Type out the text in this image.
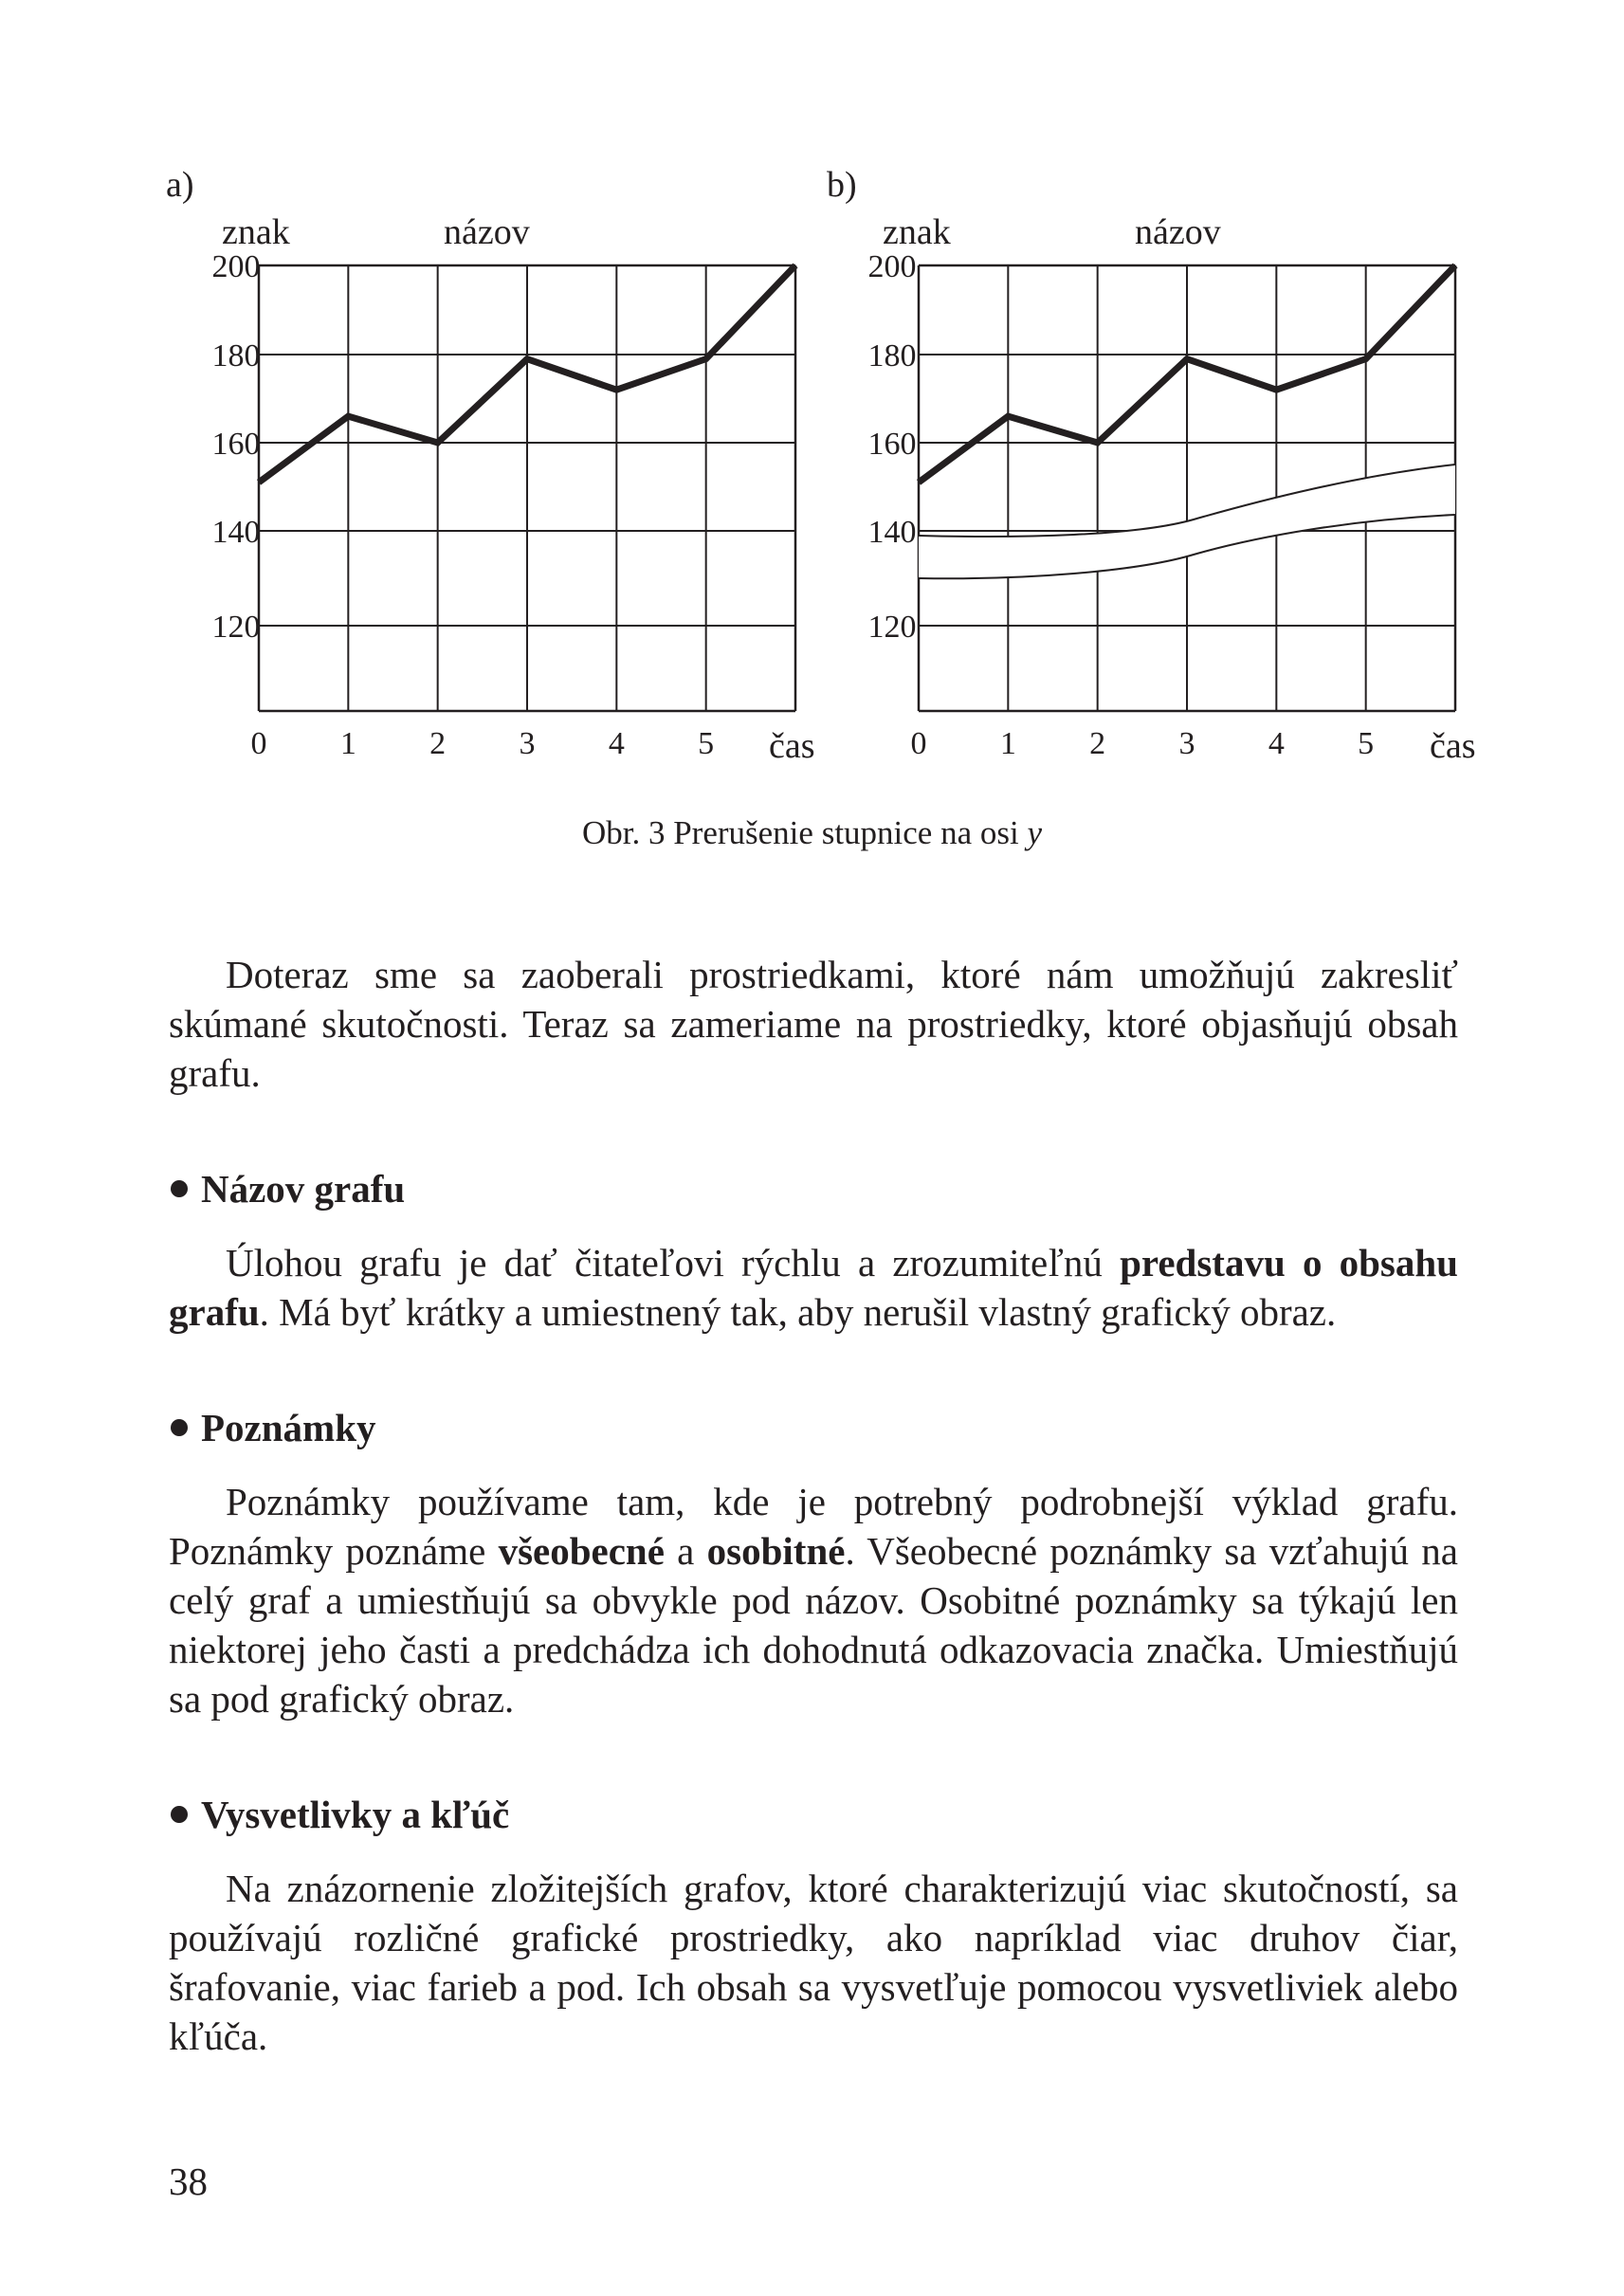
a)
znak	názov
200
180
160
140
120
0 1 2 3 4 5 čas
b)
znak	názov
200
180
160
140
120
0 1 2 3 4 5 čas
Obr. 3 Prerušenie stupnice na osi y

Doteraz sme sa zaoberali prostriedkami, ktoré nám umožňujú zakresliť skúmané skutočnosti. Teraz sa zameriame na prostriedky, ktoré objasňujú obsah grafu.

Názov grafu

Úlohou grafu je dať čitateľovi rýchlu a zrozumiteľnú predstavu o obsahu grafu. Má byť krátky a umiestnený tak, aby nerušil vlastný grafický obraz.

Poznámky

Poznámky používame tam, kde je potrebný podrobnejší výklad grafu. Poznámky poznáme všeobecné a osobitné. Všeobecné poznámky sa vzťahujú na celý graf a umiestňujú sa obvykle pod názov. Osobitné poznámky sa týkajú len niektorej jeho časti a predchádza ich dohodnutá odkazovacia značka. Umiestňujú sa pod grafický obraz.

Vysvetlivky a kľúč

Na znázornenie zložitejších grafov, ktoré charakterizujú viac skutočností, sa používajú rozličné grafické prostriedky, ako napríklad viac druhov čiar, šrafovanie, viac farieb a pod. Ich obsah sa vysvetľuje pomocou vysvetliviek alebo kľúča.

38
